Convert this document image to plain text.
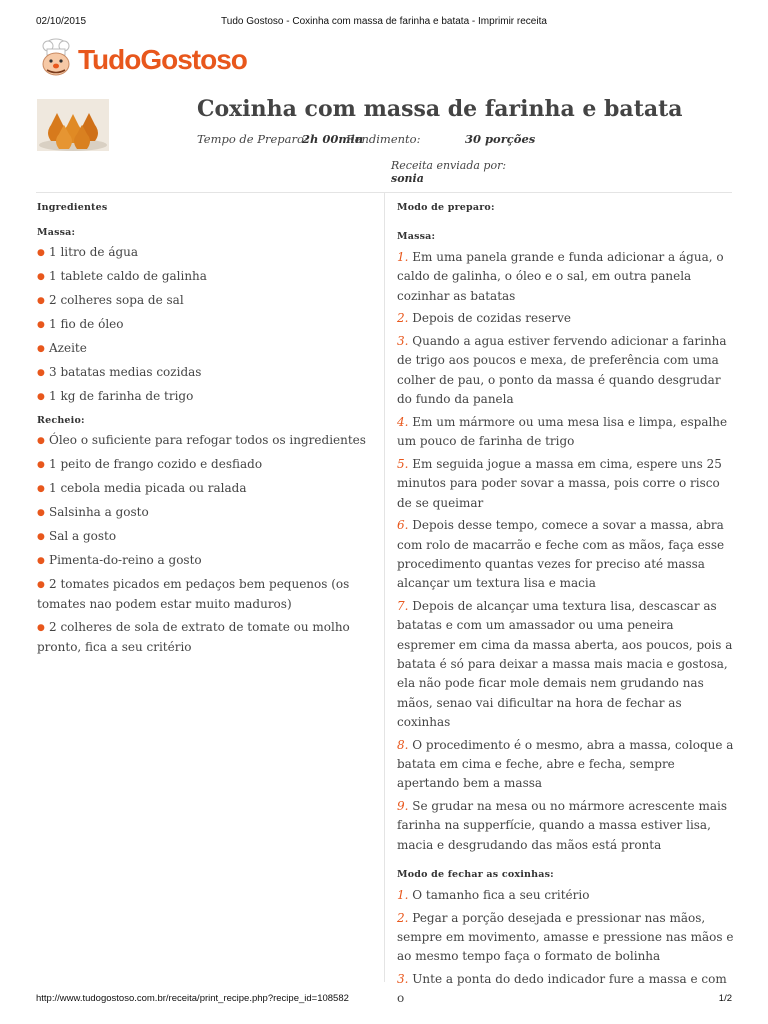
02/10/2015	Tudo Gostoso - Coxinha com massa de farinha e batata - Imprimir receita
TudoGostoso
Coxinha com massa de farinha e batata
Tempo de Preparo:
2h 00min
Rendimento:	30 porções
Receita enviada por:
sonia
Ingredientes
Massa:
● 1 litro de água
● 1 tablete caldo de galinha
● 2 colheres sopa de sal
● 1 fio de óleo
● Azeite
● 3 batatas medias cozidas
● 1 kg de farinha de trigo
Recheio:
● Óleo o suficiente para refogar todos os ingredientes
● 1 peito de frango cozido e desfiado
● 1 cebola media picada ou ralada
● Salsinha a gosto
● Sal a gosto
● Pimenta-do-reino a gosto
● 2 tomates picados em pedaços bem pequenos (os tomates nao podem estar muito maduros)
● 2 colheres de sola de extrato de tomate ou molho pronto, fica a seu critério
Modo de preparo:
Massa:
1. Em uma panela grande e funda adicionar a água, o caldo de galinha, o óleo e o sal, em outra panela cozinhar as batatas
2. Depois de cozidas reserve
3. Quando a agua estiver fervendo adicionar a farinha de trigo aos poucos e mexa, de preferência com uma colher de pau, o ponto da massa é quando desgrudar do fundo da panela
4. Em um mármore ou uma mesa lisa e limpa, espalhe um pouco de farinha de trigo
5. Em seguida jogue a massa em cima, espere uns 25 minutos para poder sovar a massa, pois corre o risco de se queimar
6. Depois desse tempo, comece a sovar a massa, abra com rolo de macarrão e feche com as mãos, faça esse procedimento quantas vezes for preciso até massa alcançar um textura lisa e macia
7. Depois de alcançar uma textura lisa, descascar as batatas e com um amassador ou uma peneira espremer em cima da massa aberta, aos poucos, pois a batata é só para deixar a massa mais macia e gostosa, ela não pode ficar mole demais nem grudando nas mãos, senao vai dificultar na hora de fechar as coxinhas
8. O procedimento é o mesmo, abra a massa, coloque a batata em cima e feche, abre e fecha, sempre apertando bem a massa
9. Se grudar na mesa ou no mármore acrescente mais farinha na supperfície, quando a massa estiver lisa, macia e desgrudando das mãos está pronta
Modo de fechar as coxinhas:
1. O tamanho fica a seu critério
2. Pegar a porção desejada e pressionar nas mãos, sempre em movimento, amasse e pressione nas mãos e ao mesmo tempo faça o formato de bolinha
3. Unte a ponta do dedo indicador fure a massa e com o
http://www.tudogostoso.com.br/receita/print_recipe.php?recipe_id=108582	1/2
